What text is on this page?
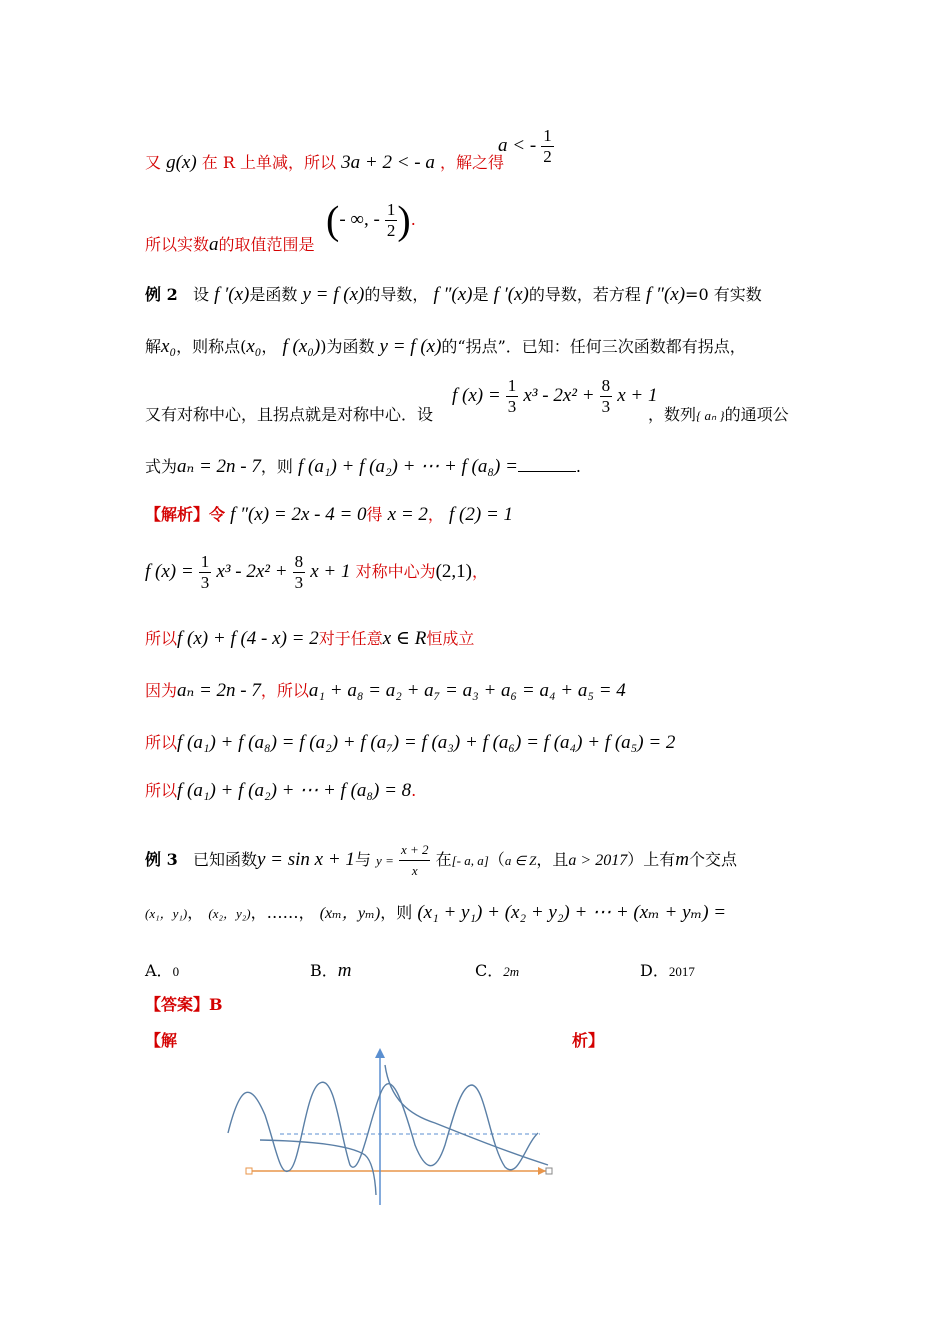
又 g(x) 在 R 上单减，所以 3a + 2 < - a ，解之得
a < - $\frac{1}{2}$
所以实数a的取值范围是
(- ∞, - $\frac{1}{2}$ ).
例 2 设 f ′(x)是函数 y = f (x)的导数， f ″(x)是 f ′(x)的导数，若方程 f ″(x)=0 有实数
解x₀，则称点(x₀， f (x₀))为函数 y = f (x)的“拐点”．已知：任何三次函数都有拐点，
又有对称中心，且拐点就是对称中心．设
f $(x) = \frac{1}{3} x^3 - 2x^2 + \frac{8}{3}$ x + 1
，数列{ aₙ }的通项公
式为aₙ = 2n - 7，则 f (a₁) + f (a₂) + ⋯ + f (a₈) =	.
【解析】令 f ″(x) = 2x - 4 = 0得 x = 2， f (2) = 1
f $(x) = \frac{1}{3} x^3 - 2x^2 + \frac{8}{3}$ x + 1 对称中心为(2,1)，
所以f (x) + f (4 - x) = 2对于任意x ∈ R恒成立
因为aₙ = 2n - 7，所以a₁ + a₈ = a₂ + a₇ = a₃ + a₆ = a₄ + a₅ = 4
所以f (a₁) + f (a₈) = f (a₂) + f (a₇) = f (a₃) + f (a₆) = f (a₄) + f (a₅) = 2
所以f (a₁) + f (a₂) + ⋯ + f (a₈) = 8.
例 3 已知函数y = sin x + 1与 $y = \frac{x + 2}{x}$ 在[- a, a]（a ∈ Z，且a > 2017）上有m个交点
(x₁，y₁)， (x₂，y₂)，……， (xₘ，yₘ)，则 (x₁ + y₁) + (x₂ + y₂) + ⋯ + (xₘ + yₘ) =
A．0	B．m	C．2m	D．2017
【答案】B
【解	析】
